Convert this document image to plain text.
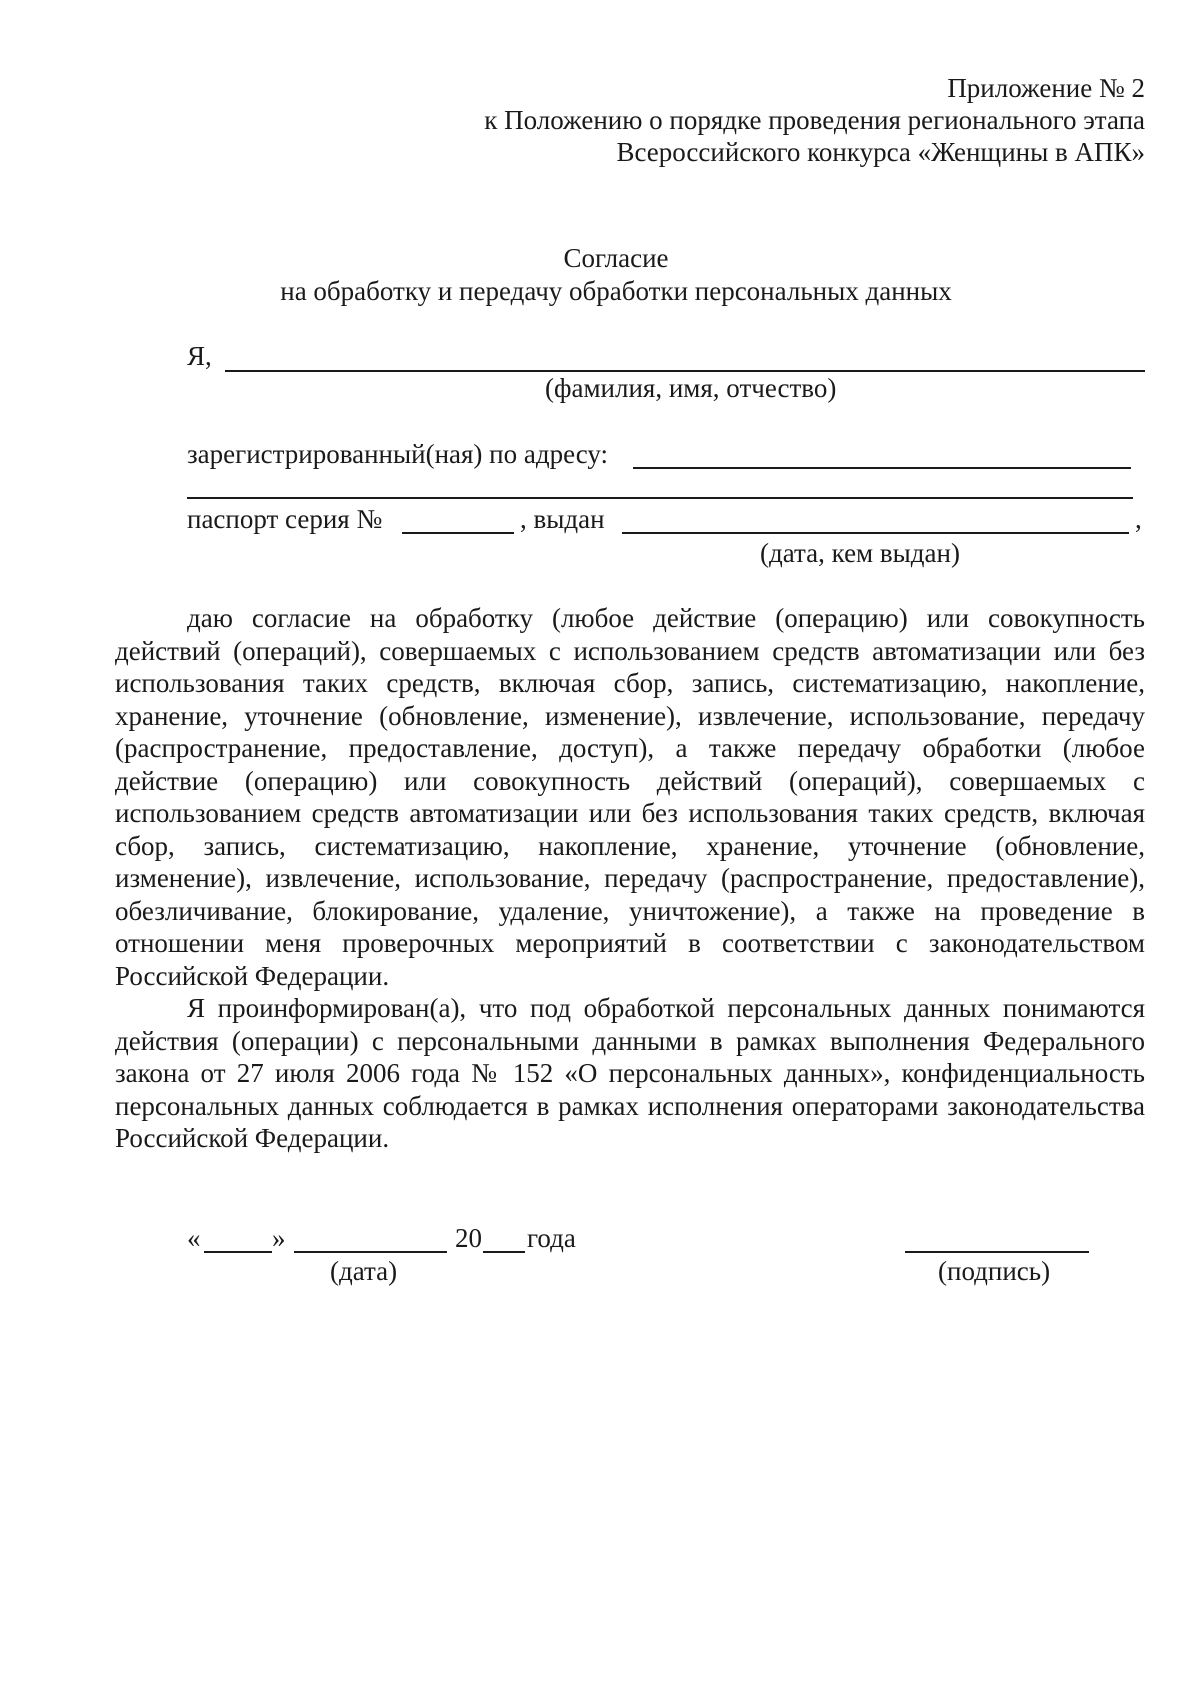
Приложение № 2
к Положению о порядке проведения регионального этапа
Всероссийского конкурса «Женщины в АПК»
Согласие
на обработку и передачу обработки персональных данных
Я,
(фамилия, имя, отчество)
зарегистрированный(ная) по адресу:
паспорт серия №	, выдан	,
(дата, кем выдан)

даю согласие на обработку (любое действие (операцию) или совокупность действий (операций), совершаемых с использованием средств автоматизации или без использования таких средств, включая сбор, запись, систематизацию, накопление, хранение, уточнение (обновление, изменение), извлечение, использование, передачу (распространение, предоставление, доступ), а также передачу обработки (любое действие (операцию) или совокупность действий (операций), совершаемых с использованием средств автоматизации или без использования таких средств, включая сбор, запись, систематизацию, накопление, хранение, уточнение (обновление, изменение), извлечение, использование, передачу (распространение, предоставление), обезличивание, блокирование, удаление, уничтожение), а также на проведение в отношении меня проверочных мероприятий в соответствии с законодательством Российской Федерации.

Я проинформирован(а), что под обработкой персональных данных понимаются действия (операции) с персональными данными в рамках выполнения Федерального закона от 27 июля 2006 года № 152 «О персональных данных», конфиденциальность персональных данных соблюдается в рамках исполнения операторами законодательства Российской Федерации.

«	»	20 года
(дата)	(подпись)
